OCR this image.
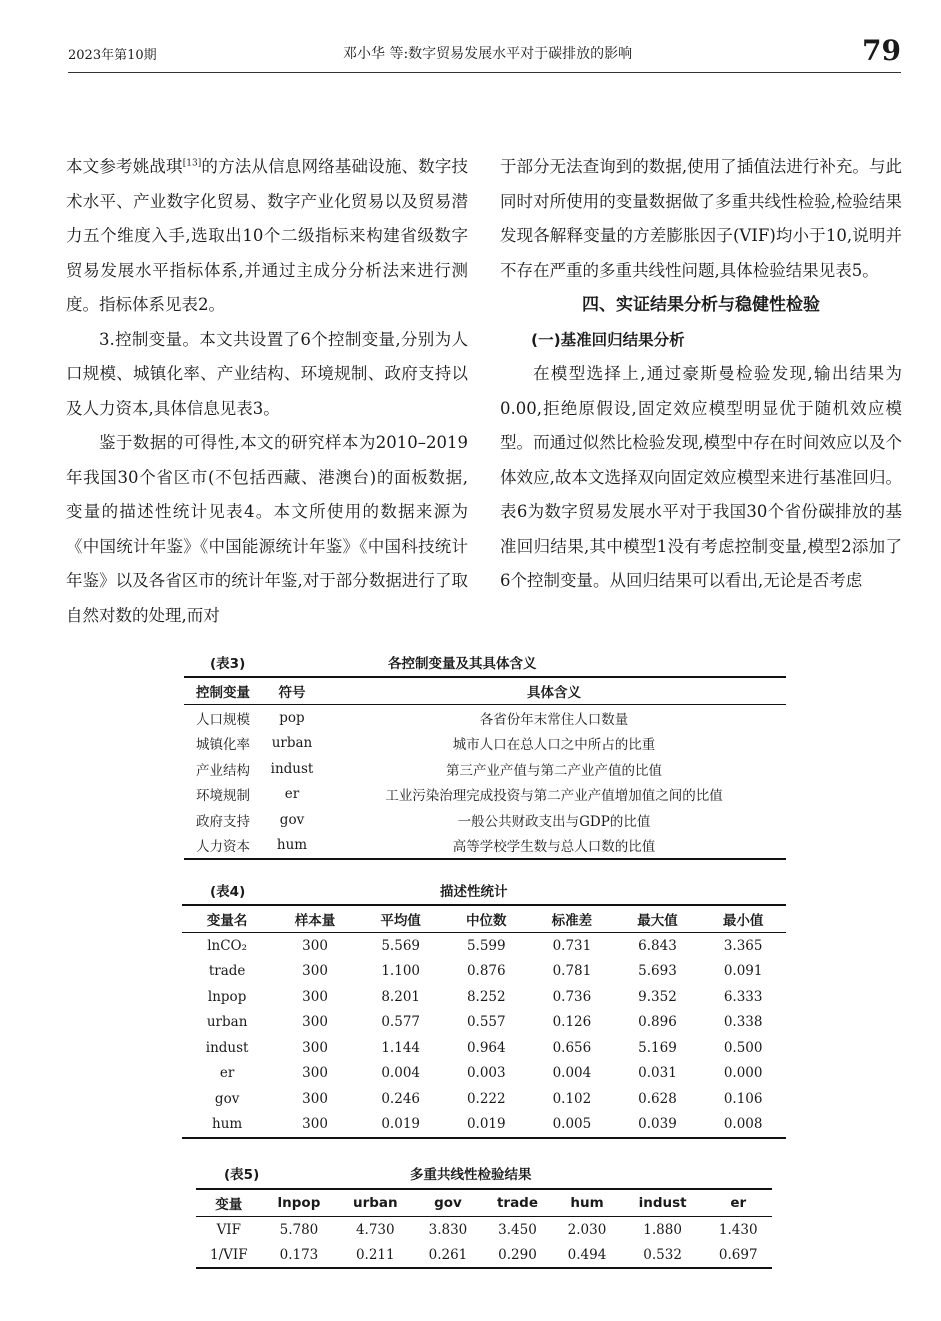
2023年第10期	邓小华 等:数字贸易发展水平对于碳排放的影响	79

本文参考姚战琪[13]的方法从信息网络基础设施、数字技术水平、产业数字化贸易、数字产业化贸易以及贸易潜力五个维度入手,选取出10个二级指标来构建省级数字贸易发展水平指标体系,并通过主成分分析法来进行测度。指标体系见表2。

3.控制变量。本文共设置了6个控制变量,分别为人口规模、城镇化率、产业结构、环境规制、政府支持以及人力资本,具体信息见表3。

鉴于数据的可得性,本文的研究样本为2010–2019年我国30个省区市(不包括西藏、港澳台)的面板数据,变量的描述性统计见表4。本文所使用的数据来源为《中国统计年鉴》《中国能源统计年鉴》《中国科技统计年鉴》以及各省区市的统计年鉴,对于部分数据进行了取自然对数的处理,而对

于部分无法查询到的数据,使用了插值法进行补充。与此同时对所使用的变量数据做了多重共线性检验,检验结果发现各解释变量的方差膨胀因子(VIF)均小于10,说明并不存在严重的多重共线性问题,具体检验结果见表5。

四、实证结果分析与稳健性检验

(一)基准回归结果分析

在模型选择上,通过豪斯曼检验发现,输出结果为0.00,拒绝原假设,固定效应模型明显优于随机效应模型。而通过似然比检验发现,模型中存在时间效应以及个体效应,故本文选择双向固定效应模型来进行基准回归。表6为数字贸易发展水平对于我国30个省份碳排放的基准回归结果,其中模型1没有考虑控制变量,模型2添加了6个控制变量。从回归结果可以看出,无论是否考虑

(表3)	各控制变量及其具体含义
控制变量	符号	具体含义
人口规模	pop	各省份年末常住人口数量
城镇化率	urban	城市人口在总人口之中所占的比重
产业结构	indust	第三产业产值与第二产业产值的比值
环境规制	er	工业污染治理完成投资与第二产业产值增加值之间的比值
政府支持	gov	一般公共财政支出与GDP的比值
人力资本	hum	高等学校学生数与总人口数的比值
(表4)	描述性统计
变量名	样本量	平均值	中位数	标准差	最大值	最小值
lnCO₂	300	5.569	5.599	0.731	6.843	3.365
trade	300	1.100	0.876	0.781	5.693	0.091
lnpop	300	8.201	8.252	0.736	9.352	6.333
urban	300	0.577	0.557	0.126	0.896	0.338
indust	300	1.144	0.964	0.656	5.169	0.500
er	300	0.004	0.003	0.004	0.031	0.000
gov	300	0.246	0.222	0.102	0.628	0.106
hum	300	0.019	0.019	0.005	0.039	0.008
(表5)	多重共线性检验结果
变量	lnpop	urban	gov	trade	hum	indust	er
VIF	5.780	4.730	3.830	3.450	2.030	1.880	1.430
1/VIF	0.173	0.211	0.261	0.290	0.494	0.532	0.697
